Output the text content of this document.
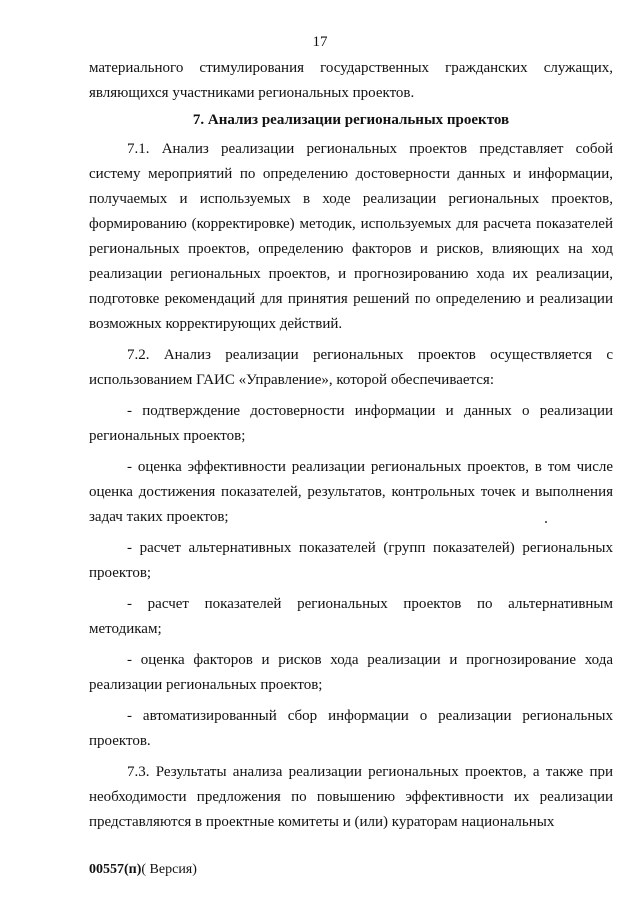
17

материального стимулирования государственных гражданских служащих, являющихся участниками региональных проектов.

7. Анализ реализации региональных проектов

7.1. Анализ реализации региональных проектов представляет собой систему мероприятий по определению достоверности данных и информации, получаемых и используемых в ходе реализации региональных проектов, формированию (корректировке) методик, используемых для расчета показателей региональных проектов, определению факторов и рисков, влияющих на ход реализации региональных проектов, и прогнозированию хода их реализации, подготовке рекомендаций для принятия решений по определению и реализации возможных корректирующих действий.

7.2. Анализ реализации региональных проектов осуществляется с использованием ГАИС «Управление», которой обеспечивается:

- подтверждение достоверности информации и данных о реализации региональных проектов;

- оценка эффективности реализации региональных проектов, в том числе оценка достижения показателей, результатов, контрольных точек и выполнения задач таких проектов;

- расчет альтернативных показателей (групп показателей) региональных проектов;

- расчет показателей региональных проектов по альтернативным методикам;

- оценка факторов и рисков хода реализации и прогнозирование хода реализации региональных проектов;

- автоматизированный сбор информации о реализации региональных проектов.

7.3. Результаты анализа реализации региональных проектов, а также при необходимости предложения по повышению эффективности их реализации представляются в проектные комитеты и (или) кураторам национальных

00557(п)( Версия)
